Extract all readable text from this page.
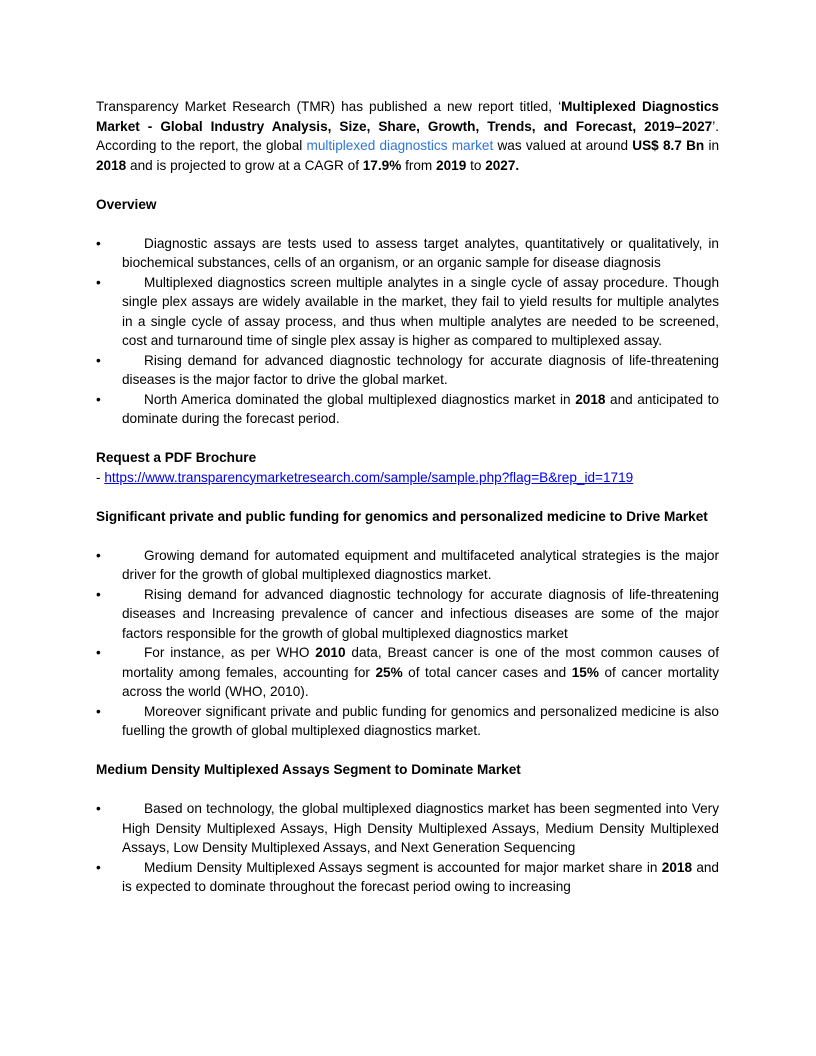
Transparency Market Research (TMR) has published a new report titled, ‘Multiplexed Diagnostics Market - Global Industry Analysis, Size, Share, Growth, Trends, and Forecast, 2019–2027’. According to the report, the global multiplexed diagnostics market was valued at around US$ 8.7 Bn in 2018 and is projected to grow at a CAGR of 17.9% from 2019 to 2027.

Overview
•	Diagnostic assays are tests used to assess target analytes, quantitatively or qualitatively, in biochemical substances, cells of an organism, or an organic sample for disease diagnosis
•	Multiplexed diagnostics screen multiple analytes in a single cycle of assay procedure. Though single plex assays are widely available in the market, they fail to yield results for multiple analytes in a single cycle of assay process, and thus when multiple analytes are needed to be screened, cost and turnaround time of single plex assay is higher as compared to multiplexed assay.
•	Rising demand for advanced diagnostic technology for accurate diagnosis of life-threatening diseases is the major factor to drive the global market.
•	North America dominated the global multiplexed diagnostics market in 2018 and anticipated to dominate during the forecast period.
Request a PDF Brochure

- https://www.transparencymarketresearch.com/sample/sample.php?flag=B&rep_id=1719

Significant private and public funding for genomics and personalized medicine to Drive Market
•	Growing demand for automated equipment and multifaceted analytical strategies is the major driver for the growth of global multiplexed diagnostics market.
•	Rising demand for advanced diagnostic technology for accurate diagnosis of life-threatening diseases and Increasing prevalence of cancer and infectious diseases are some of the major factors responsible for the growth of global multiplexed diagnostics market
•	For instance, as per WHO 2010 data, Breast cancer is one of the most common causes of mortality among females, accounting for 25% of total cancer cases and 15% of cancer mortality across the world (WHO, 2010).
•	Moreover significant private and public funding for genomics and personalized medicine is also fuelling the growth of global multiplexed diagnostics market.
Medium Density Multiplexed Assays Segment to Dominate Market
•	Based on technology, the global multiplexed diagnostics market has been segmented into Very High Density Multiplexed Assays, High Density Multiplexed Assays, Medium Density Multiplexed Assays, Low Density Multiplexed Assays, and Next Generation Sequencing
•	Medium Density Multiplexed Assays segment is accounted for major market share in 2018 and is expected to dominate throughout the forecast period owing to increasing
